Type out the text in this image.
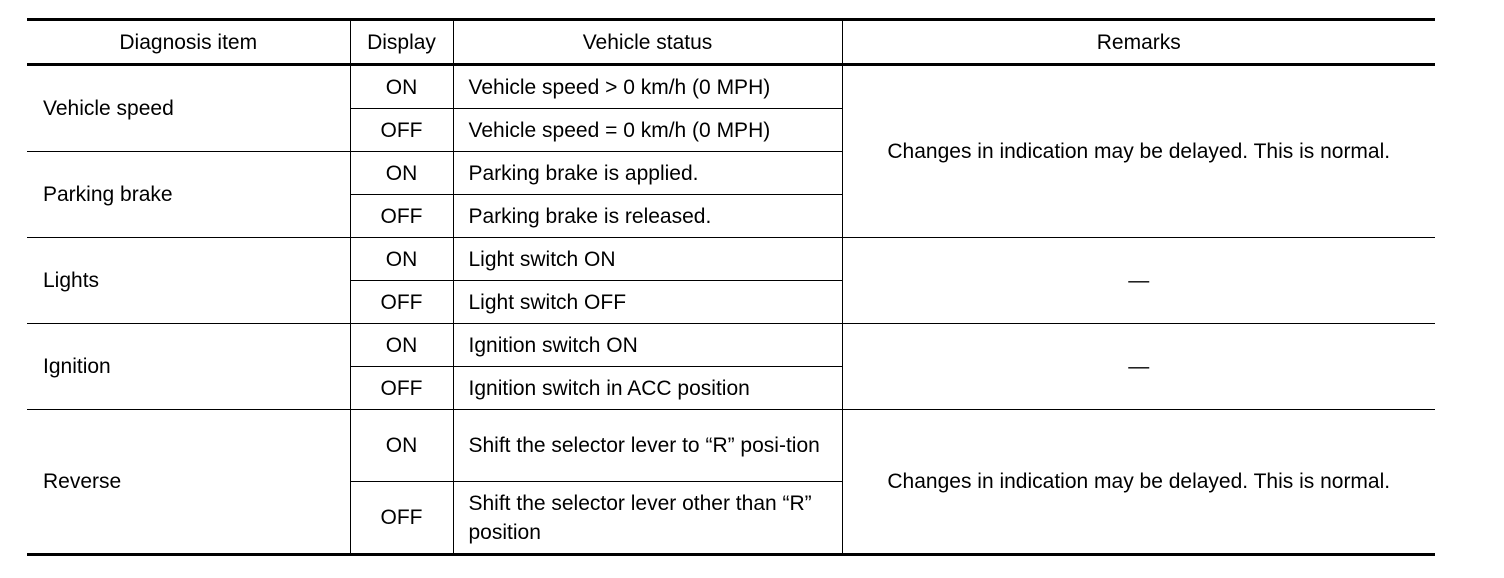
Diagnosis item	Display	Vehicle status	Remarks
Vehicle speed	ON	Vehicle speed > 0 km/h (0 MPH)	Changes in indication may be delayed. This is normal.
	OFF	Vehicle speed = 0 km/h (0 MPH)	
Parking brake	ON	Parking brake is applied.	
	OFF	Parking brake is released.	
Lights	ON	Light switch ON	—
	OFF	Light switch OFF	
Ignition	ON	Ignition switch ON	—
	OFF	Ignition switch in ACC position	
Reverse	ON	Shift the selector lever to “R” posi-tion	Changes in indication may be delayed. This is normal.
	OFF	Shift the selector lever other than “R” position	
